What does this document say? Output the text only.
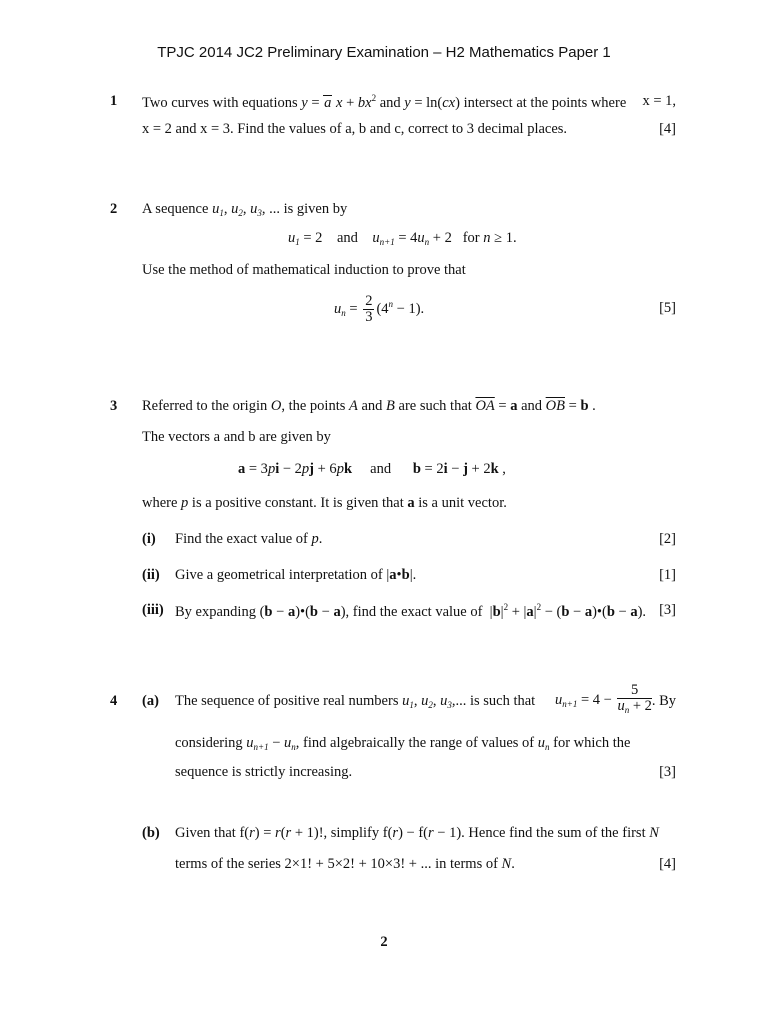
TPJC 2014 JC2 Preliminary Examination – H2 Mathematics Paper 1
1 Two curves with equations y = a $x + bx^2$ and y = ln(cx) intersect at the points where x = 1,
x = 2 and x = 3. Find the values of a, b and c, correct to 3 decimal places.	[4]
2 A sequence $u_1$, $u_2$, $u_3$, ... is given by
$u_1 = 2$    and $u_{n+1} = 4u_n + 2$   for n ≥ 1.
Use the method of mathematical induction to prove that
$u_n = \frac{2}{3} (4^n - 1)$.	[5]
3 Referred to the origin O, the points A and B are such that $\overline{OA} = a$ and $\overline{OB} = b$ .
The vectors a and b are given by
a = 3pi − 2pj + 6pk and b = 2i − j + 2k ,
where p is a positive constant. It is given that a is a unit vector.
(i) Find the exact value of p.	[2]
(ii) Give a geometrical interpretation of |a•b|.	[1]
(iii) By expanding (b − a)•(b − a), find the exact value of  $|b|^2 + |a|^2 - (b$ − a)•(b − a). [3]
4 (a) The sequence of positive real numbers $u_1$, $u_2$, $u_3$,... is such that $u_{n+1} = 4 - \frac{5}{u_n + 2}$ . By
considering $u_{n+1} - u_n$, find algebraically the range of values of $u_n$ for which the
sequence is strictly increasing.	[3]
(b) Given that f(r) = r(r + 1)!, simplify f(r) − f(r − 1). Hence find the sum of the first N
terms of the series 2×1! + 5×2! + 10×3! + ... in terms of N.	[4]
2
